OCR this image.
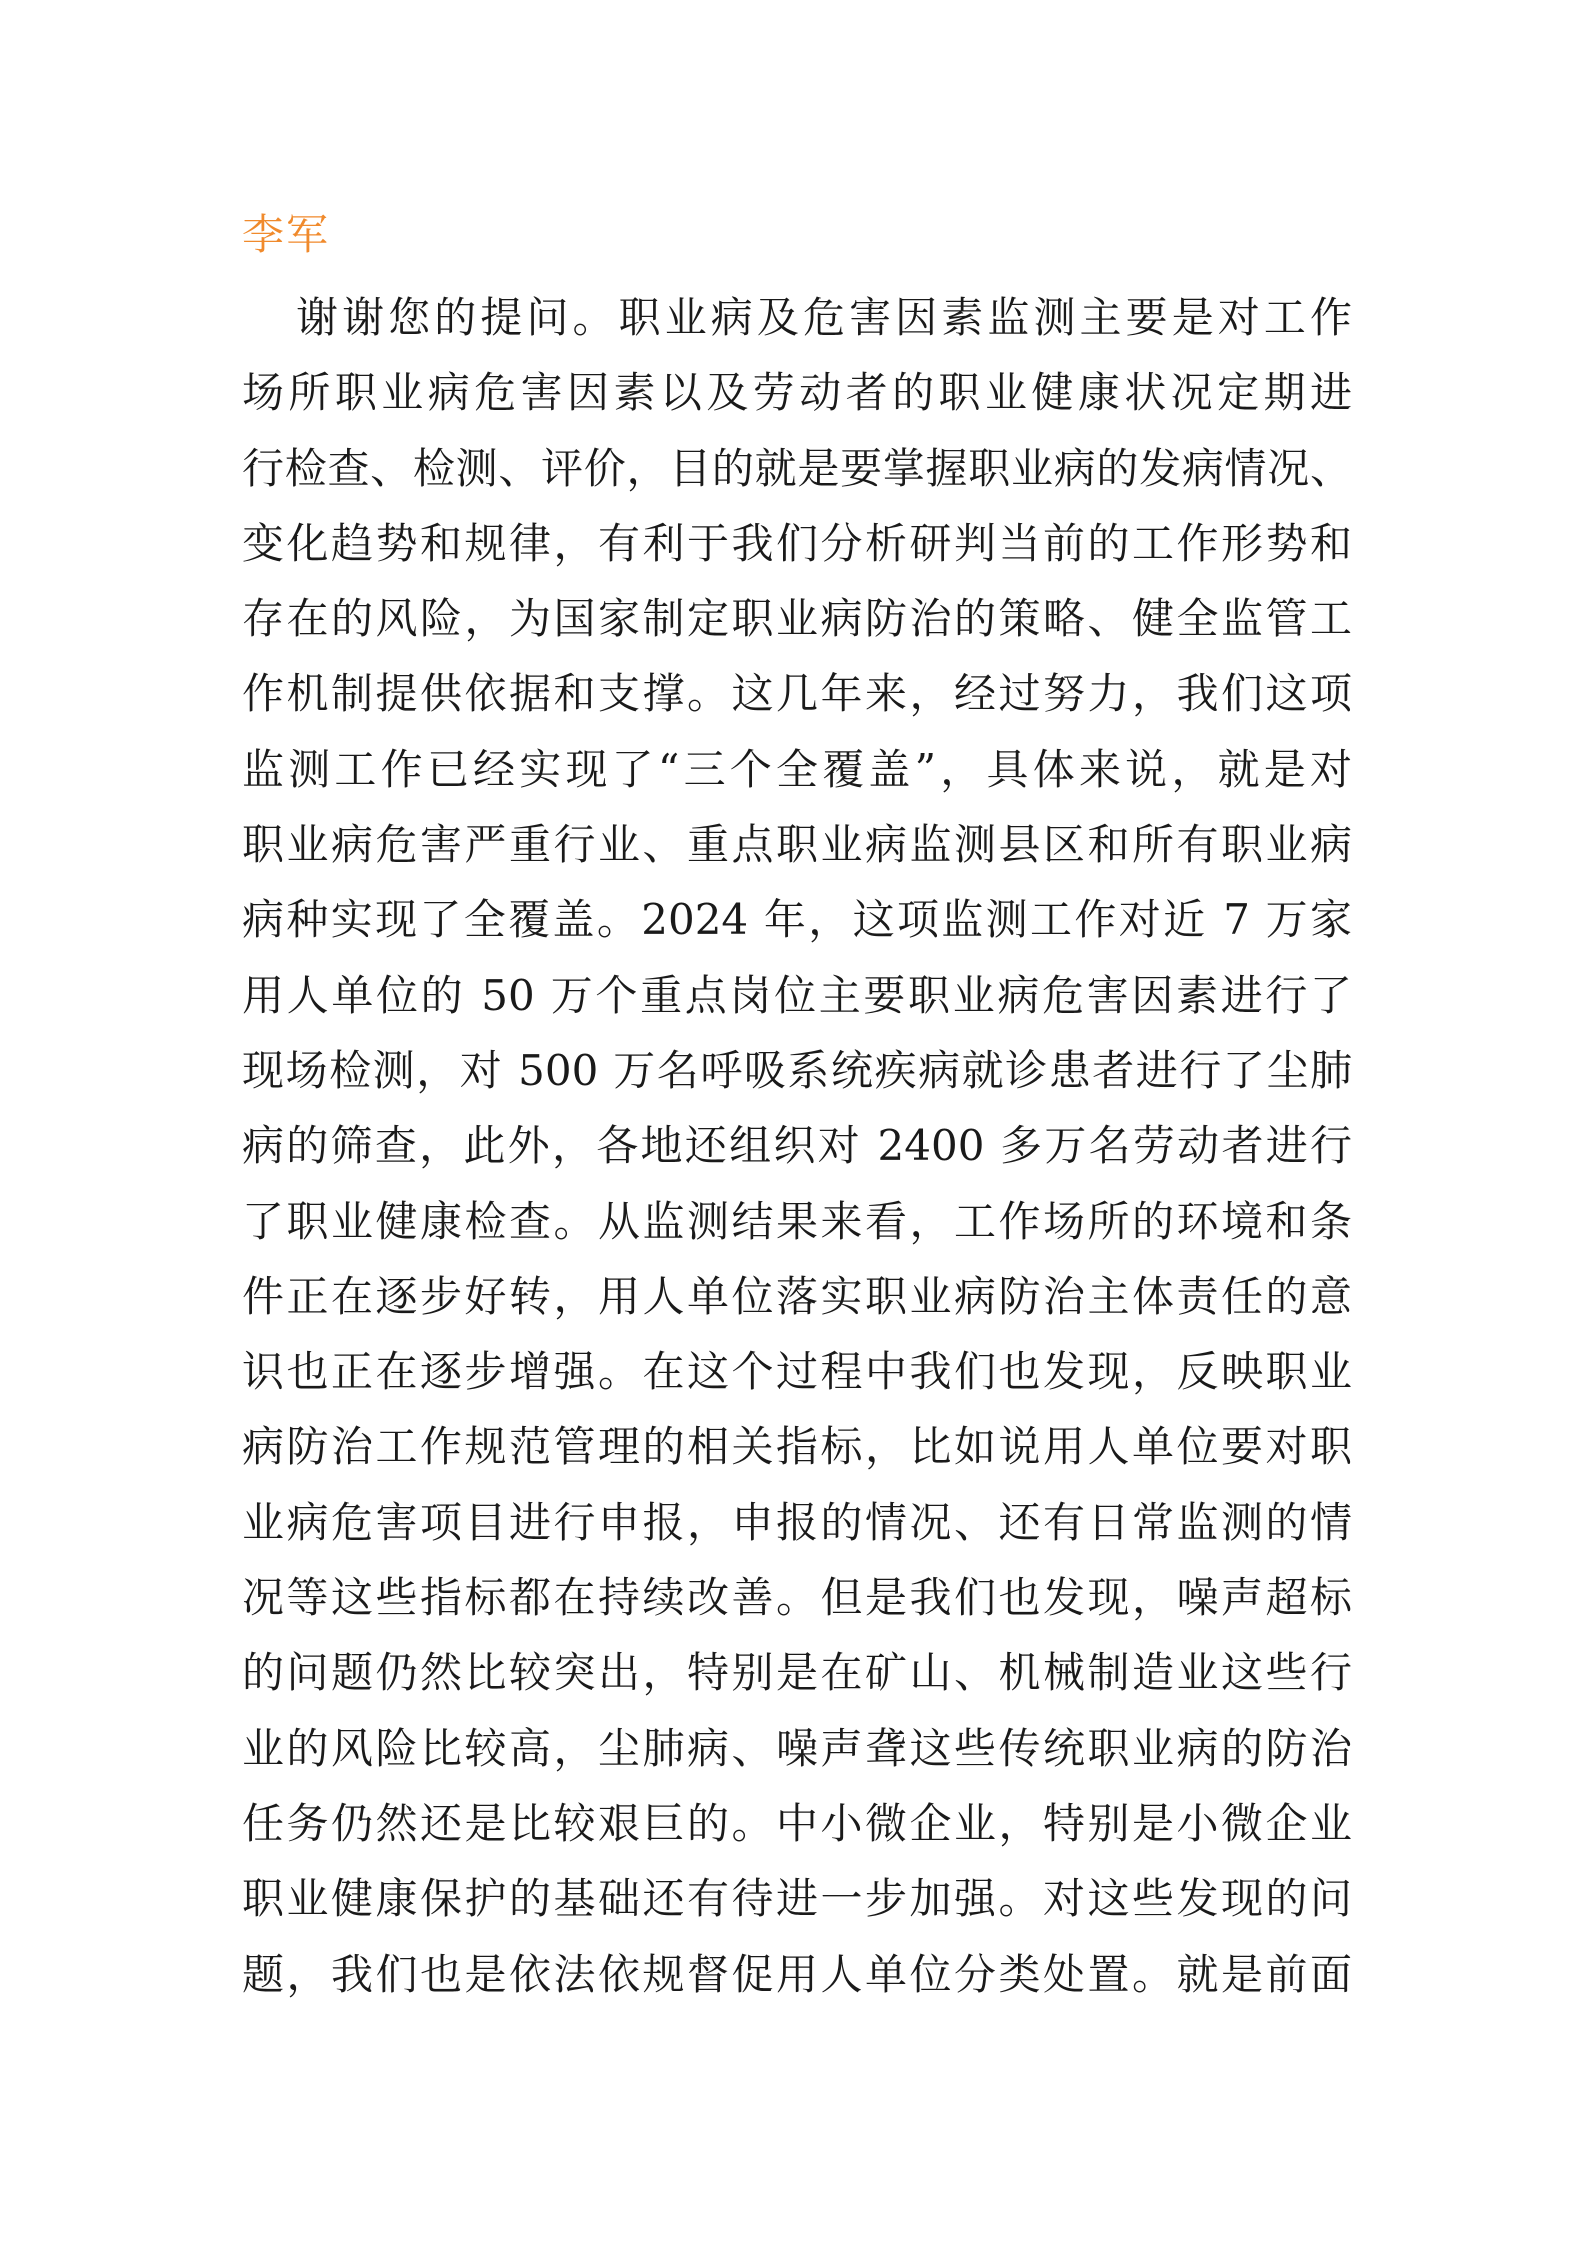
李军
谢谢您的提问。职业病及危害因素监测主要是对工作
场所职业病危害因素以及劳动者的职业健康状况定期进
行检查、检测、评价，目的就是要掌握职业病的发病情况、
变化趋势和规律，有利于我们分析研判当前的工作形势和
存在的风险，为国家制定职业病防治的策略、健全监管工
作机制提供依据和支撑。这几年来，经过努力，我们这项
监测工作已经实现了“三个全覆盖”，具体来说，就是对
职业病危害严重行业、重点职业病监测县区和所有职业病
病种实现了全覆盖。2024 年，这项监测工作对近 7 万家
用人单位的 50 万个重点岗位主要职业病危害因素进行了
现场检测，对 500 万名呼吸系统疾病就诊患者进行了尘肺
病的筛查，此外，各地还组织对 2400 多万名劳动者进行
了职业健康检查。从监测结果来看，工作场所的环境和条
件正在逐步好转，用人单位落实职业病防治主体责任的意
识也正在逐步增强。在这个过程中我们也发现，反映职业
病防治工作规范管理的相关指标，比如说用人单位要对职
业病危害项目进行申报，申报的情况、还有日常监测的情
况等这些指标都在持续改善。但是我们也发现，噪声超标
的问题仍然比较突出，特别是在矿山、机械制造业这些行
业的风险比较高，尘肺病、噪声聋这些传统职业病的防治
任务仍然还是比较艰巨的。中小微企业，特别是小微企业
职业健康保护的基础还有待进一步加强。对这些发现的问
题，我们也是依法依规督促用人单位分类处置。就是前面
